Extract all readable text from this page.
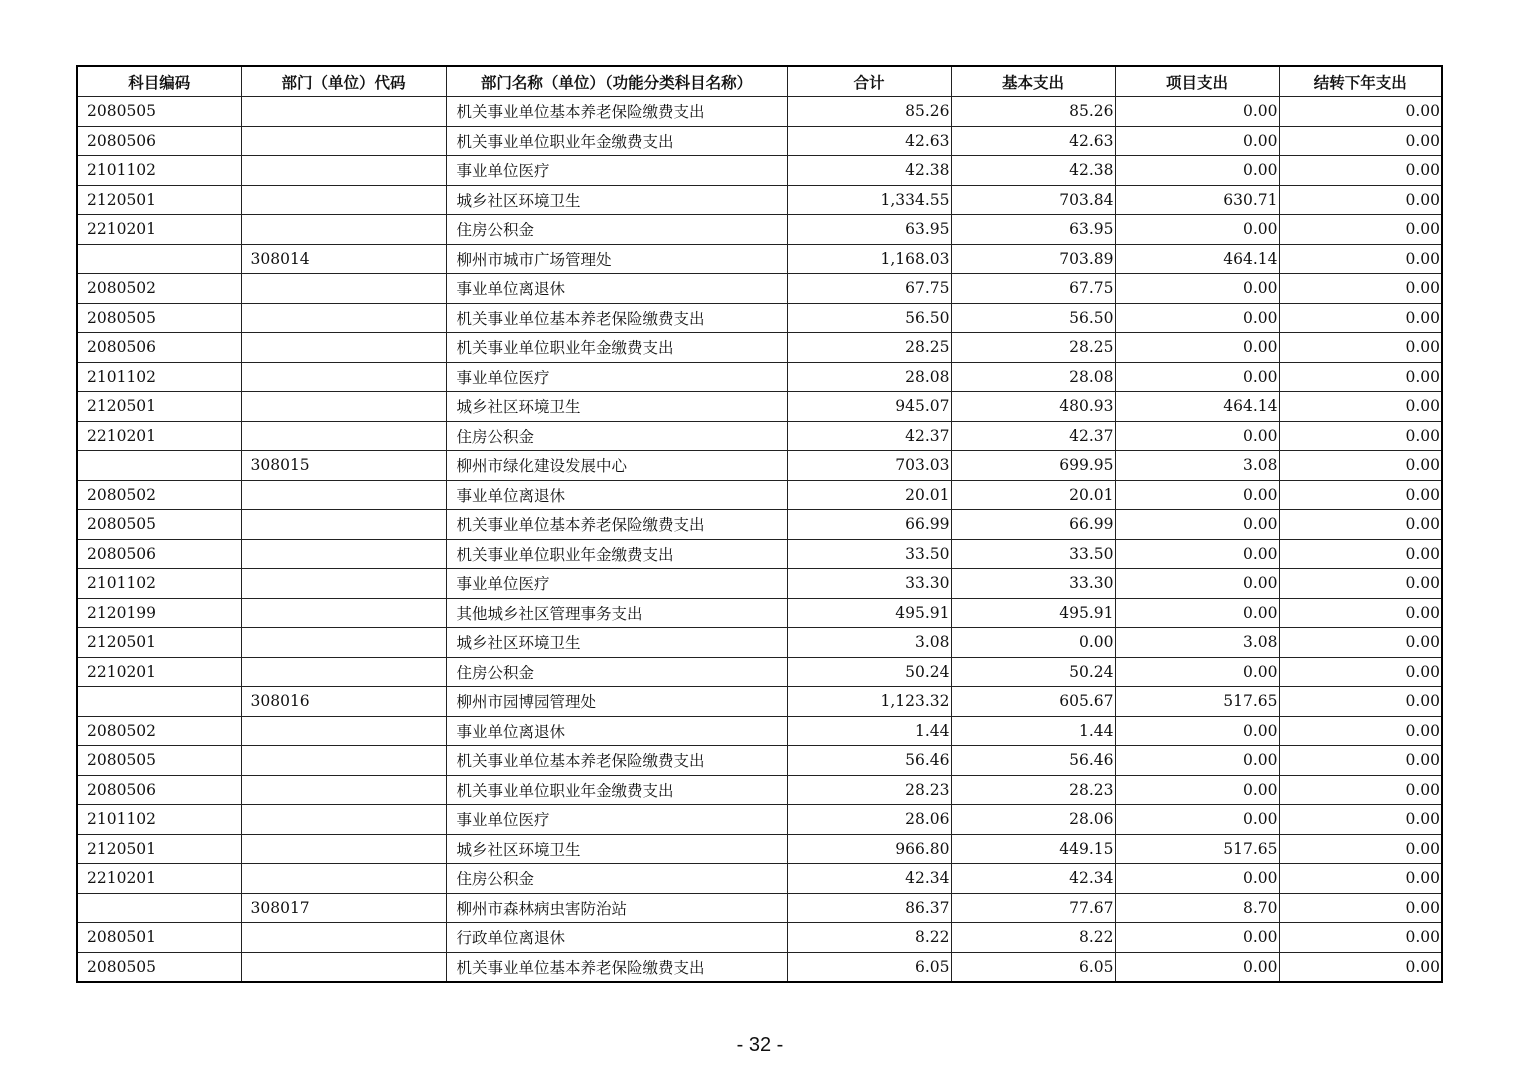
科目编码	部门（单位）代码	部门名称（单位）（功能分类科目名称）	合计	基本支出	项目支出	结转下年支出
2080505		机关事业单位基本养老保险缴费支出	85.26	85.26	0.00	0.00
2080506		机关事业单位职业年金缴费支出	42.63	42.63	0.00	0.00
2101102		事业单位医疗	42.38	42.38	0.00	0.00
2120501		城乡社区环境卫生	1,334.55	703.84	630.71	0.00
2210201		住房公积金	63.95	63.95	0.00	0.00
	308014	柳州市城市广场管理处	1,168.03	703.89	464.14	0.00
2080502		事业单位离退休	67.75	67.75	0.00	0.00
2080505		机关事业单位基本养老保险缴费支出	56.50	56.50	0.00	0.00
2080506		机关事业单位职业年金缴费支出	28.25	28.25	0.00	0.00
2101102		事业单位医疗	28.08	28.08	0.00	0.00
2120501		城乡社区环境卫生	945.07	480.93	464.14	0.00
2210201		住房公积金	42.37	42.37	0.00	0.00
	308015	柳州市绿化建设发展中心	703.03	699.95	3.08	0.00
2080502		事业单位离退休	20.01	20.01	0.00	0.00
2080505		机关事业单位基本养老保险缴费支出	66.99	66.99	0.00	0.00
2080506		机关事业单位职业年金缴费支出	33.50	33.50	0.00	0.00
2101102		事业单位医疗	33.30	33.30	0.00	0.00
2120199		其他城乡社区管理事务支出	495.91	495.91	0.00	0.00
2120501		城乡社区环境卫生	3.08	0.00	3.08	0.00
2210201		住房公积金	50.24	50.24	0.00	0.00
	308016	柳州市园博园管理处	1,123.32	605.67	517.65	0.00
2080502		事业单位离退休	1.44	1.44	0.00	0.00
2080505		机关事业单位基本养老保险缴费支出	56.46	56.46	0.00	0.00
2080506		机关事业单位职业年金缴费支出	28.23	28.23	0.00	0.00
2101102		事业单位医疗	28.06	28.06	0.00	0.00
2120501		城乡社区环境卫生	966.80	449.15	517.65	0.00
2210201		住房公积金	42.34	42.34	0.00	0.00
	308017	柳州市森林病虫害防治站	86.37	77.67	8.70	0.00
2080501		行政单位离退休	8.22	8.22	0.00	0.00
2080505		机关事业单位基本养老保险缴费支出	6.05	6.05	0.00	0.00
- 32 -
